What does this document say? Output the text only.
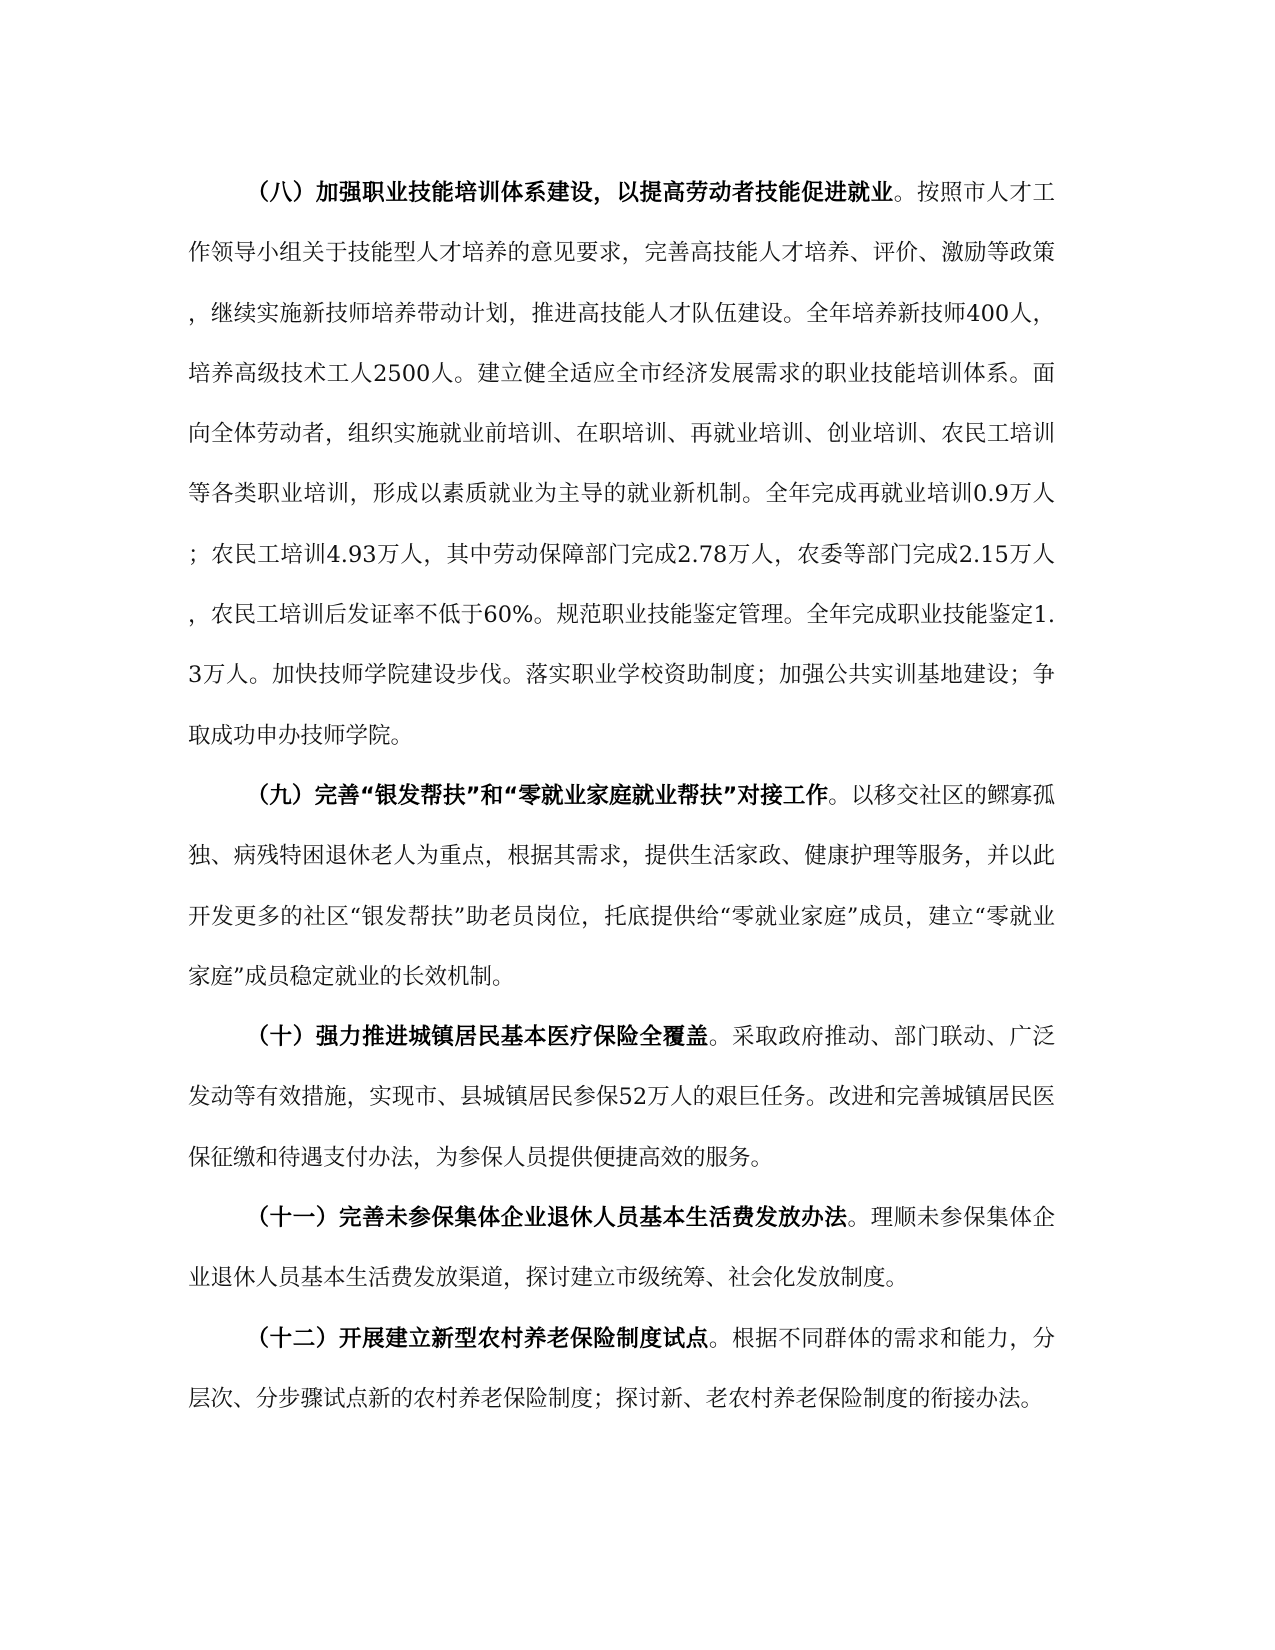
（八）加强职业技能培训体系建设，以提高劳动者技能促进就业。按照市人才工作领导小组关于技能型人才培养的意见要求，完善高技能人才培养、评价、激励等政策，继续实施新技师培养带动计划，推进高技能人才队伍建设。全年培养新技师400人，培养高级技术工人2500人。建立健全适应全市经济发展需求的职业技能培训体系。面向全体劳动者，组织实施就业前培训、在职培训、再就业培训、创业培训、农民工培训等各类职业培训，形成以素质就业为主导的就业新机制。全年完成再就业培训0.9万人；农民工培训4.93万人，其中劳动保障部门完成2.78万人，农委等部门完成2.15万人，农民工培训后发证率不低于60%。规范职业技能鉴定管理。全年完成职业技能鉴定1.3万人。加快技师学院建设步伐。落实职业学校资助制度；加强公共实训基地建设；争取成功申办技师学院。

（九）完善“银发帮扶”和“零就业家庭就业帮扶”对接工作。以移交社区的鳏寡孤独、病残特困退休老人为重点，根据其需求，提供生活家政、健康护理等服务，并以此开发更多的社区“银发帮扶”助老员岗位，托底提供给“零就业家庭”成员，建立“零就业家庭”成员稳定就业的长效机制。

（十）强力推进城镇居民基本医疗保险全覆盖。采取政府推动、部门联动、广泛发动等有效措施，实现市、县城镇居民参保52万人的艰巨任务。改进和完善城镇居民医保征缴和待遇支付办法，为参保人员提供便捷高效的服务。

（十一）完善未参保集体企业退休人员基本生活费发放办法。理顺未参保集体企业退休人员基本生活费发放渠道，探讨建立市级统筹、社会化发放制度。

（十二）开展建立新型农村养老保险制度试点。根据不同群体的需求和能力，分层次、分步骤试点新的农村养老保险制度；探讨新、老农村养老保险制度的衔接办法。
